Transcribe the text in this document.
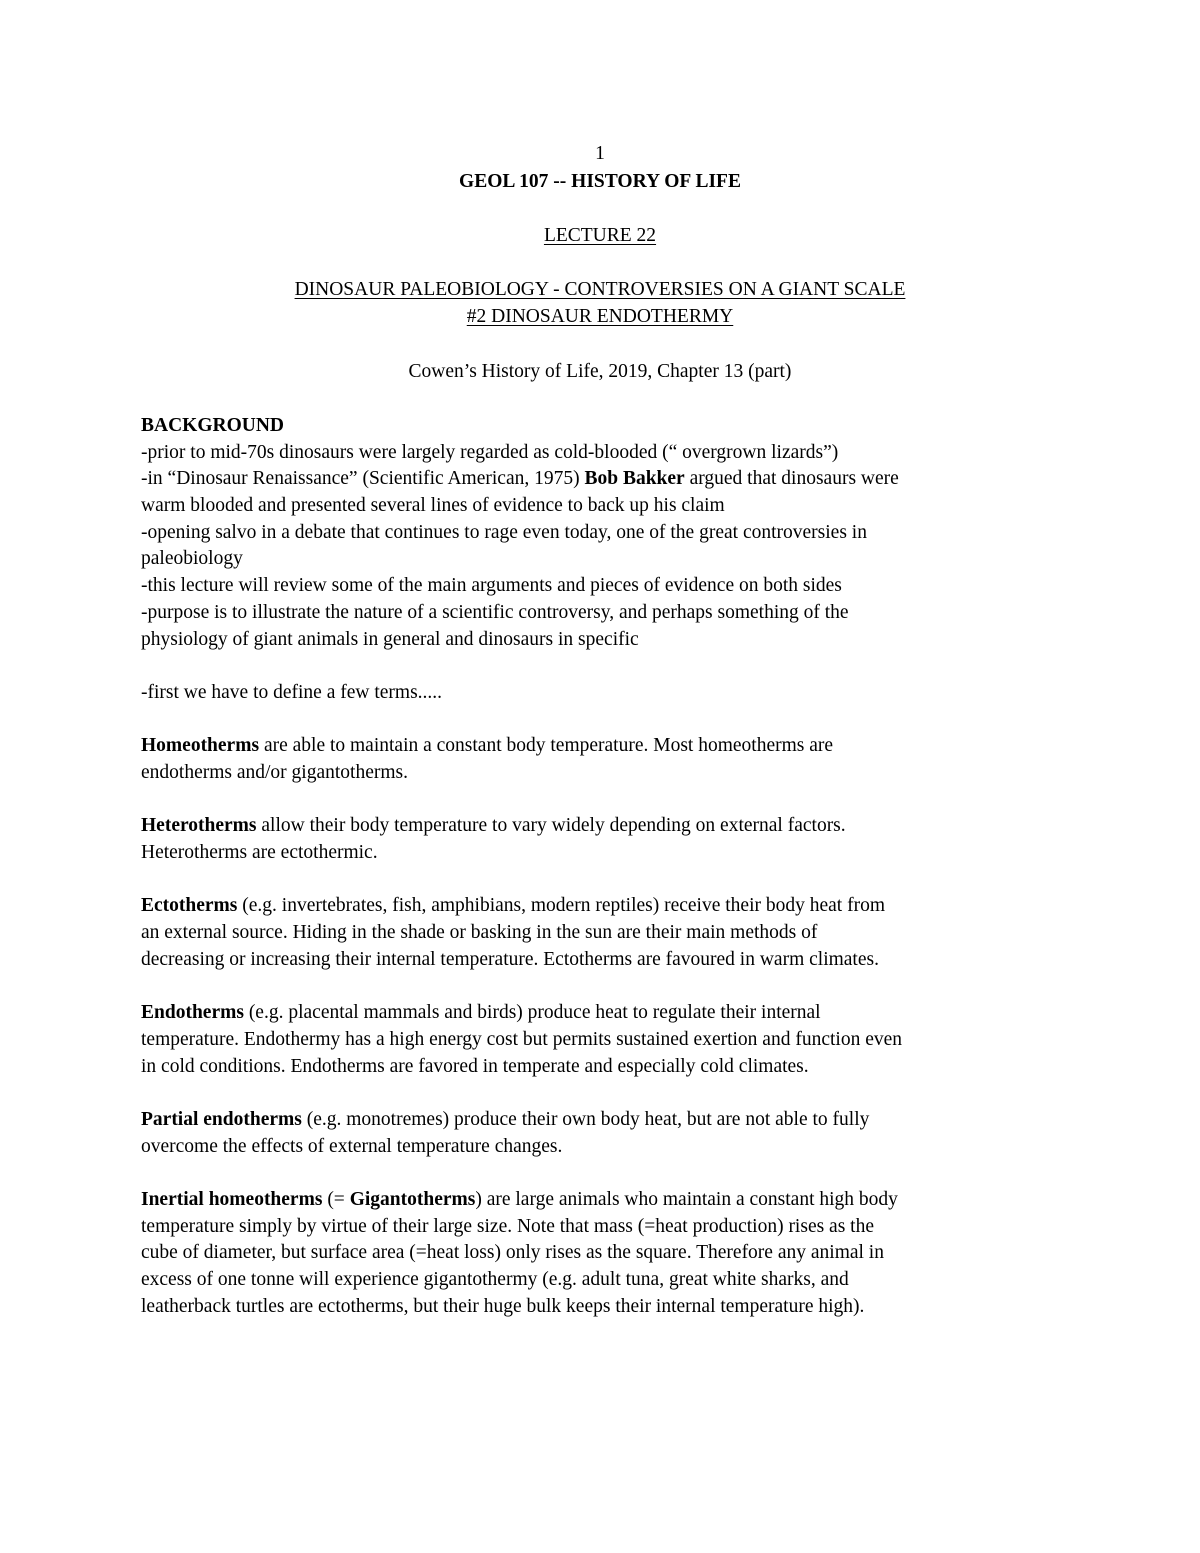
1
GEOL 107 -- HISTORY OF LIFE
LECTURE 22
DINOSAUR PALEOBIOLOGY - CONTROVERSIES ON A GIANT SCALE
#2 DINOSAUR ENDOTHERMY
Cowen’s History of Life, 2019, Chapter 13 (part)
BACKGROUND
-prior to mid-70s dinosaurs were largely regarded as cold-blooded (“ overgrown lizards”)
-in “Dinosaur Renaissance” (Scientific American, 1975) Bob Bakker argued that dinosaurs were
warm blooded and presented several lines of evidence to back up his claim
-opening salvo in a debate that continues to rage even today, one of the great controversies in
paleobiology
-this lecture will review some of the main arguments and pieces of evidence on both sides
-purpose is to illustrate the nature of a scientific controversy, and perhaps something of the
physiology of giant animals in general and dinosaurs in specific
-first we have to define a few terms.....
Homeotherms are able to maintain a constant body temperature. Most homeotherms are
endotherms and/or gigantotherms.
Heterotherms allow their body temperature to vary widely depending on external factors.
Heterotherms are ectothermic.
Ectotherms (e.g. invertebrates, fish, amphibians, modern reptiles) receive their body heat from
an external source. Hiding in the shade or basking in the sun are their main methods of
decreasing or increasing their internal temperature. Ectotherms are favoured in warm climates.
Endotherms (e.g. placental mammals and birds) produce heat to regulate their internal
temperature. Endothermy has a high energy cost but permits sustained exertion and function even
in cold conditions. Endotherms are favored in temperate and especially cold climates.
Partial endotherms (e.g. monotremes) produce their own body heat, but are not able to fully
overcome the effects of external temperature changes.
Inertial homeotherms (= Gigantotherms) are large animals who maintain a constant high body
temperature simply by virtue of their large size. Note that mass (=heat production) rises as the
cube of diameter, but surface area (=heat loss) only rises as the square. Therefore any animal in
excess of one tonne will experience gigantothermy (e.g. adult tuna, great white sharks, and
leatherback turtles are ectotherms, but their huge bulk keeps their internal temperature high).
